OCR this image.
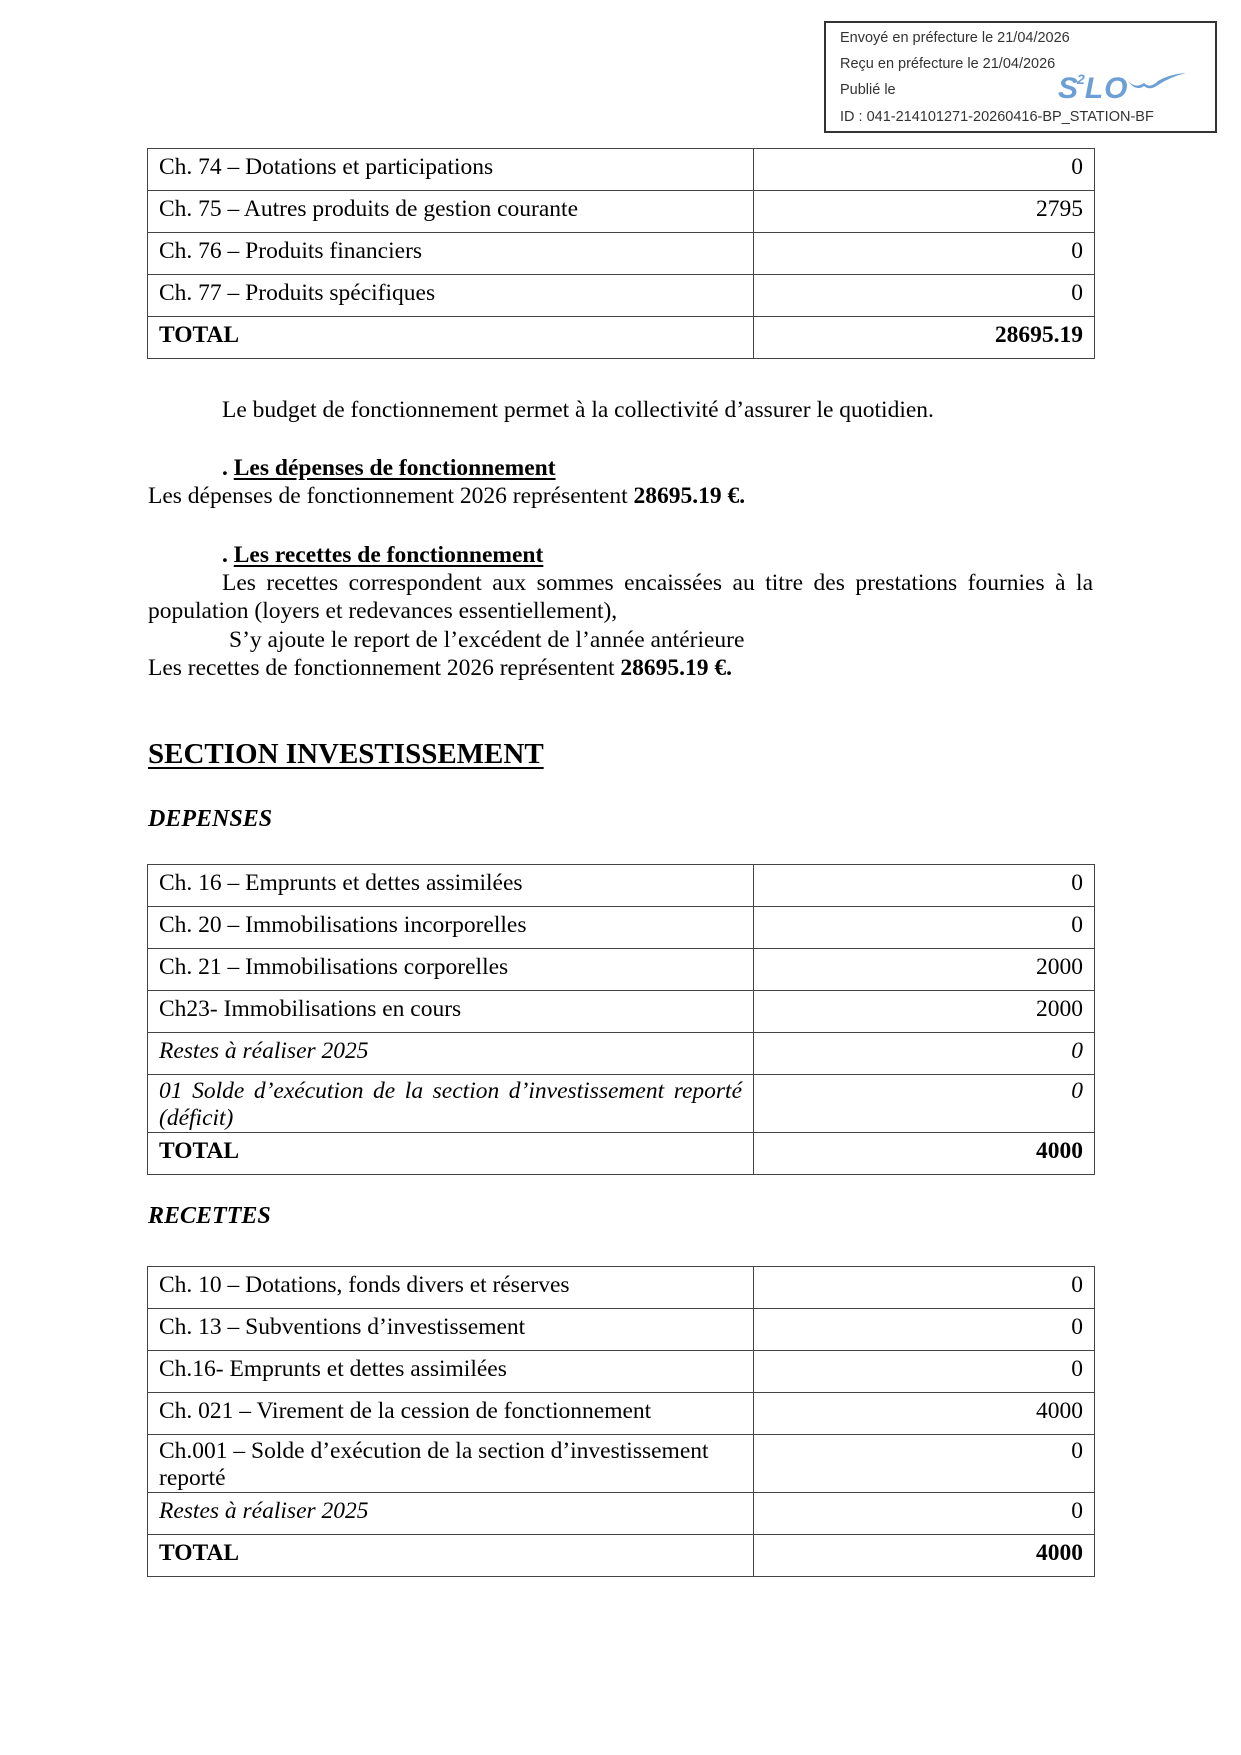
Envoyé en préfecture le 21/04/2026
Reçu en préfecture le 21/04/2026
Publié le
ID : 041-214101271-20260416-BP_STATION-BF
$S^2LO$
Ch. 74 – Dotations et participations	0
Ch. 75 – Autres produits de gestion courante	2795
Ch. 76 – Produits financiers	0
Ch. 77 – Produits spécifiques	0
TOTAL	28695.19
Le budget de fonctionnement permet à la collectivité d’assurer le quotidien.
. Les dépenses de fonctionnement
Les dépenses de fonctionnement 2026 représentent 28695.19 €.
. Les recettes de fonctionnement
Les recettes correspondent aux sommes encaissées au titre des prestations fournies à la
population (loyers et redevances essentiellement),
S’y ajoute le report de l’excédent de l’année antérieure
Les recettes de fonctionnement 2026 représentent 28695.19 €.
SECTION INVESTISSEMENT
DEPENSES
Ch. 16 – Emprunts et dettes assimilées	0
Ch. 20 – Immobilisations incorporelles	0
Ch. 21 – Immobilisations corporelles	2000
Ch23- Immobilisations en cours	2000
Restes à réaliser 2025	0
01 Solde d’exécution de la section d’investissement reporté (déficit)	0
TOTAL	4000
RECETTES
Ch. 10 – Dotations, fonds divers et réserves	0
Ch. 13 – Subventions d’investissement	0
Ch.16- Emprunts et dettes assimilées	0
Ch. 021 – Virement de la cession de fonctionnement	4000
Ch.001 – Solde d’exécution de la section d’investissement reporté	0
Restes à réaliser 2025	0
TOTAL	4000
